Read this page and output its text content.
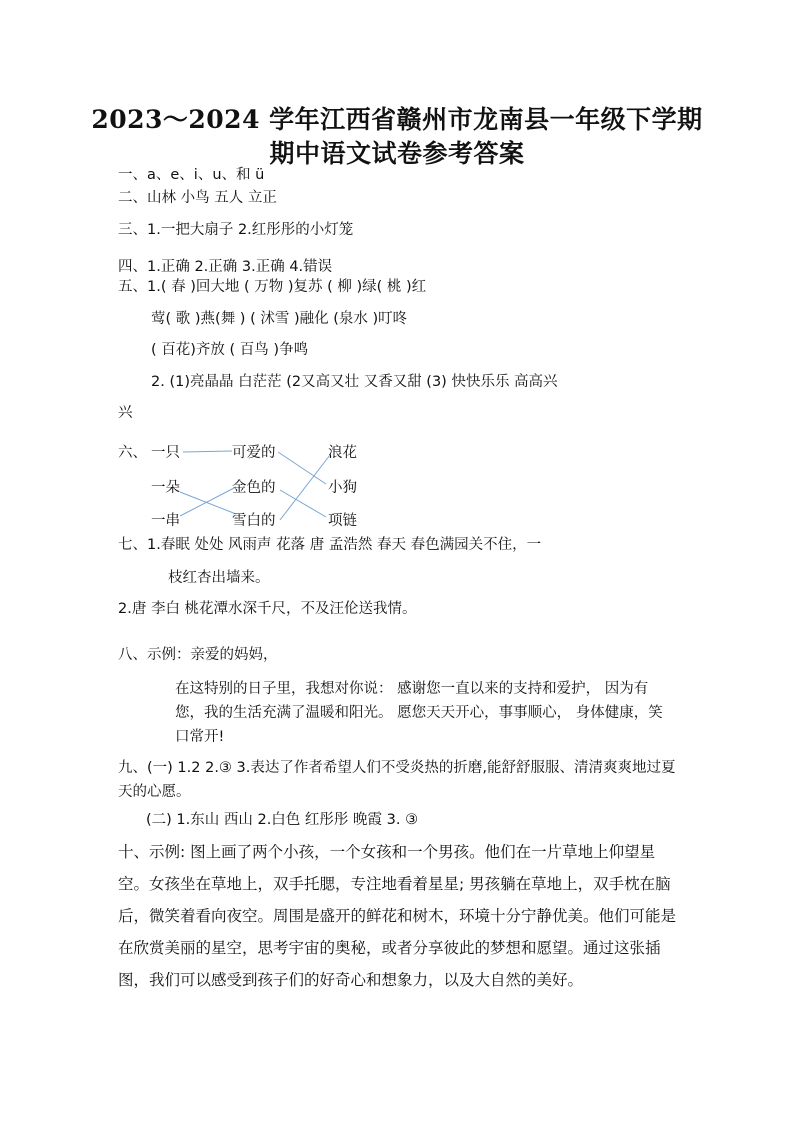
2023～2024 学年江西省赣州市龙南县一年级下学期
期中语文试卷参考答案
一、a、e、i、u、和 ü
二、山林 小鸟 五人 立正
三、1.一把大扇子 2.红彤彤的小灯笼
四、1.正确 2.正确 3.正确 4.错误
五、1.( 春 )回大地 ( 万物 )复苏 ( 柳 )绿( 桃 )红
莺( 歌 )燕(舞 ) ( 沭雪 )融化 (泉水 )叮咚
( 百花)齐放 ( 百鸟 )争鸣
2. (1)亮晶晶 白茫茫 (2又高又壮 又香又甜 (3) 快快乐乐 高高兴
兴
六、 一只
一朵
一串
可爱的
金色的
雪白的
浪花
小狗
项链
七、1.春眠 处处 风雨声 花落 唐 孟浩然 春天 春色满园关不住，一
枝红杏出墙来。
2.唐 李白 桃花潭水深千尺，不及汪伦送我情。
八、示例：亲爱的妈妈，
在这特别的日子里，我想对你说： 感谢您一直以来的支持和爱护， 因为有您，我的生活充满了温暖和阳光。 愿您天天开心，事事顺心， 身体健康，笑口常开!
九、(一) 1.2 2.③ 3.表达了作者希望人们不受炎热的折磨,能舒舒服服、清清爽爽地过夏天的心愿。
(二) 1.东山 西山 2.白色 红彤彤 晚霞 3. ③
十、示例: 图上画了两个小孩，一个女孩和一个男孩。他们在一片草地上仰望星空。女孩坐在草地上，双手托腮，专注地看着星星; 男孩躺在草地上，双手枕在脑后，微笑着看向夜空。周围是盛开的鲜花和树木，环境十分宁静优美。他们可能是在欣赏美丽的星空，思考宇宙的奥秘，或者分享彼此的梦想和愿望。通过这张插图，我们可以感受到孩子们的好奇心和想象力，以及大自然的美好。
